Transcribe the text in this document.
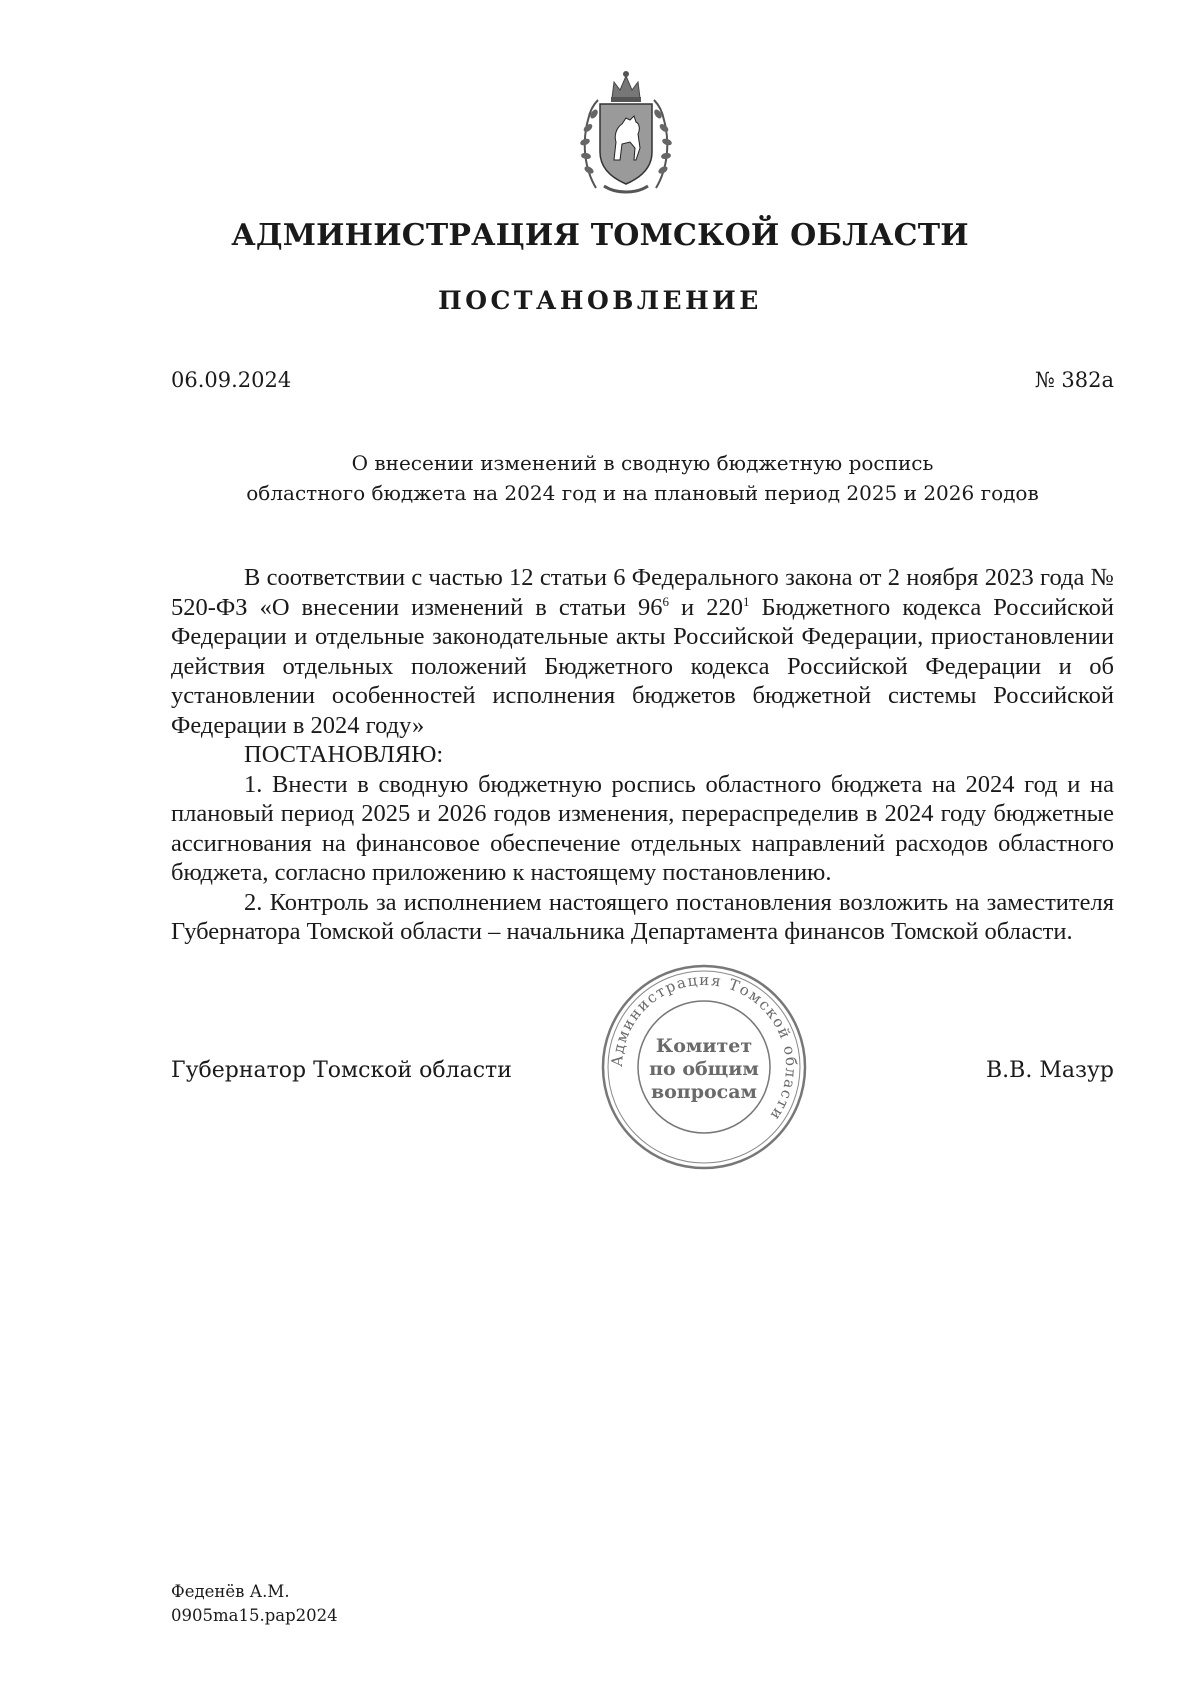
АДМИНИСТРАЦИЯ ТОМСКОЙ ОБЛАСТИ
ПОСТАНОВЛЕНИЕ
06.09.2024	№ 382а
О внесении изменений в сводную бюджетную роспись
областного бюджета на 2024 год и на плановый период 2025 и 2026 годов

В соответствии с частью 12 статьи 6 Федерального закона от 2 ноября 2023 года № 520-ФЗ «О внесении изменений в статьи $96^6$ и $220^1$ Бюджетного кодекса Российской Федерации и отдельные законодательные акты Российской Федерации, приостановлении действия отдельных положений Бюджетного кодекса Российской Федерации и об установлении особенностей исполнения бюджетов бюджетной системы Российской Федерации в 2024 году»

ПОСТАНОВЛЯЮ:

1. Внести в сводную бюджетную роспись областного бюджета на 2024 год и на плановый период 2025 и 2026 годов изменения, перераспределив в 2024 году бюджетные ассигнования на финансовое обеспечение отдельных направлений расходов областного бюджета, согласно приложению к настоящему постановлению.

2. Контроль за исполнением настоящего постановления возложить на заместителя Губернатора Томской области – начальника Департамента финансов Томской области.

Губернатор Томской области	В.В. Мазур
Администрация Томской области
Комитет
по общим
вопросам
Феденёв А.М.
0905ma15.pap2024
